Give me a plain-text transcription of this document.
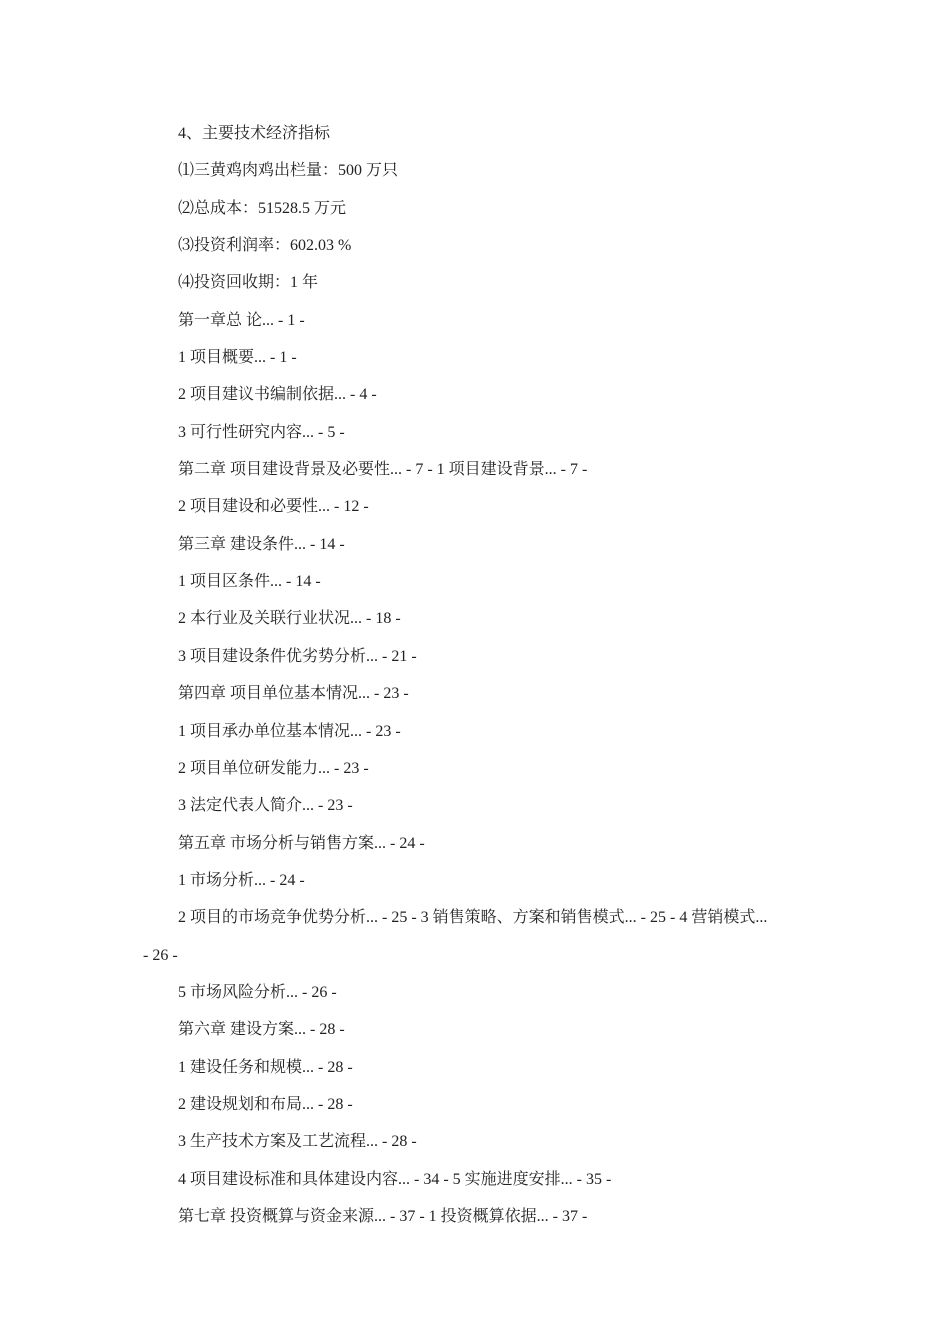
4、主要技术经济指标
⑴三黄鸡肉鸡出栏量：500 万只
⑵总成本：51528.5 万元
⑶投资利润率：602.03 %
⑷投资回收期：1 年
第一章总 论... - 1 -
1 项目概要... - 1 -
2 项目建议书编制依据... - 4 -
3 可行性研究内容... - 5 -
第二章 项目建设背景及必要性... - 7 - 1 项目建设背景... - 7 -
2 项目建设和必要性... - 12 -
第三章 建设条件... - 14 -
1 项目区条件... - 14 -
2 本行业及关联行业状况... - 18 -
3 项目建设条件优劣势分析... - 21 -
第四章 项目单位基本情况... - 23 -
1 项目承办单位基本情况... - 23 -
2 项目单位研发能力... - 23 -
3 法定代表人简介... - 23 -
第五章 市场分析与销售方案... - 24 -
1 市场分析... - 24 -
2 项目的市场竞争优势分析... - 25 - 3 销售策略、方案和销售模式... - 25 - 4 营销模式...
- 26 -
5 市场风险分析... - 26 -
第六章 建设方案... - 28 -
1 建设任务和规模... - 28 -
2 建设规划和布局... - 28 -
3 生产技术方案及工艺流程... - 28 -
4 项目建设标准和具体建设内容... - 34 - 5 实施进度安排... - 35 -
第七章 投资概算与资金来源... - 37 - 1 投资概算依据... - 37 -
